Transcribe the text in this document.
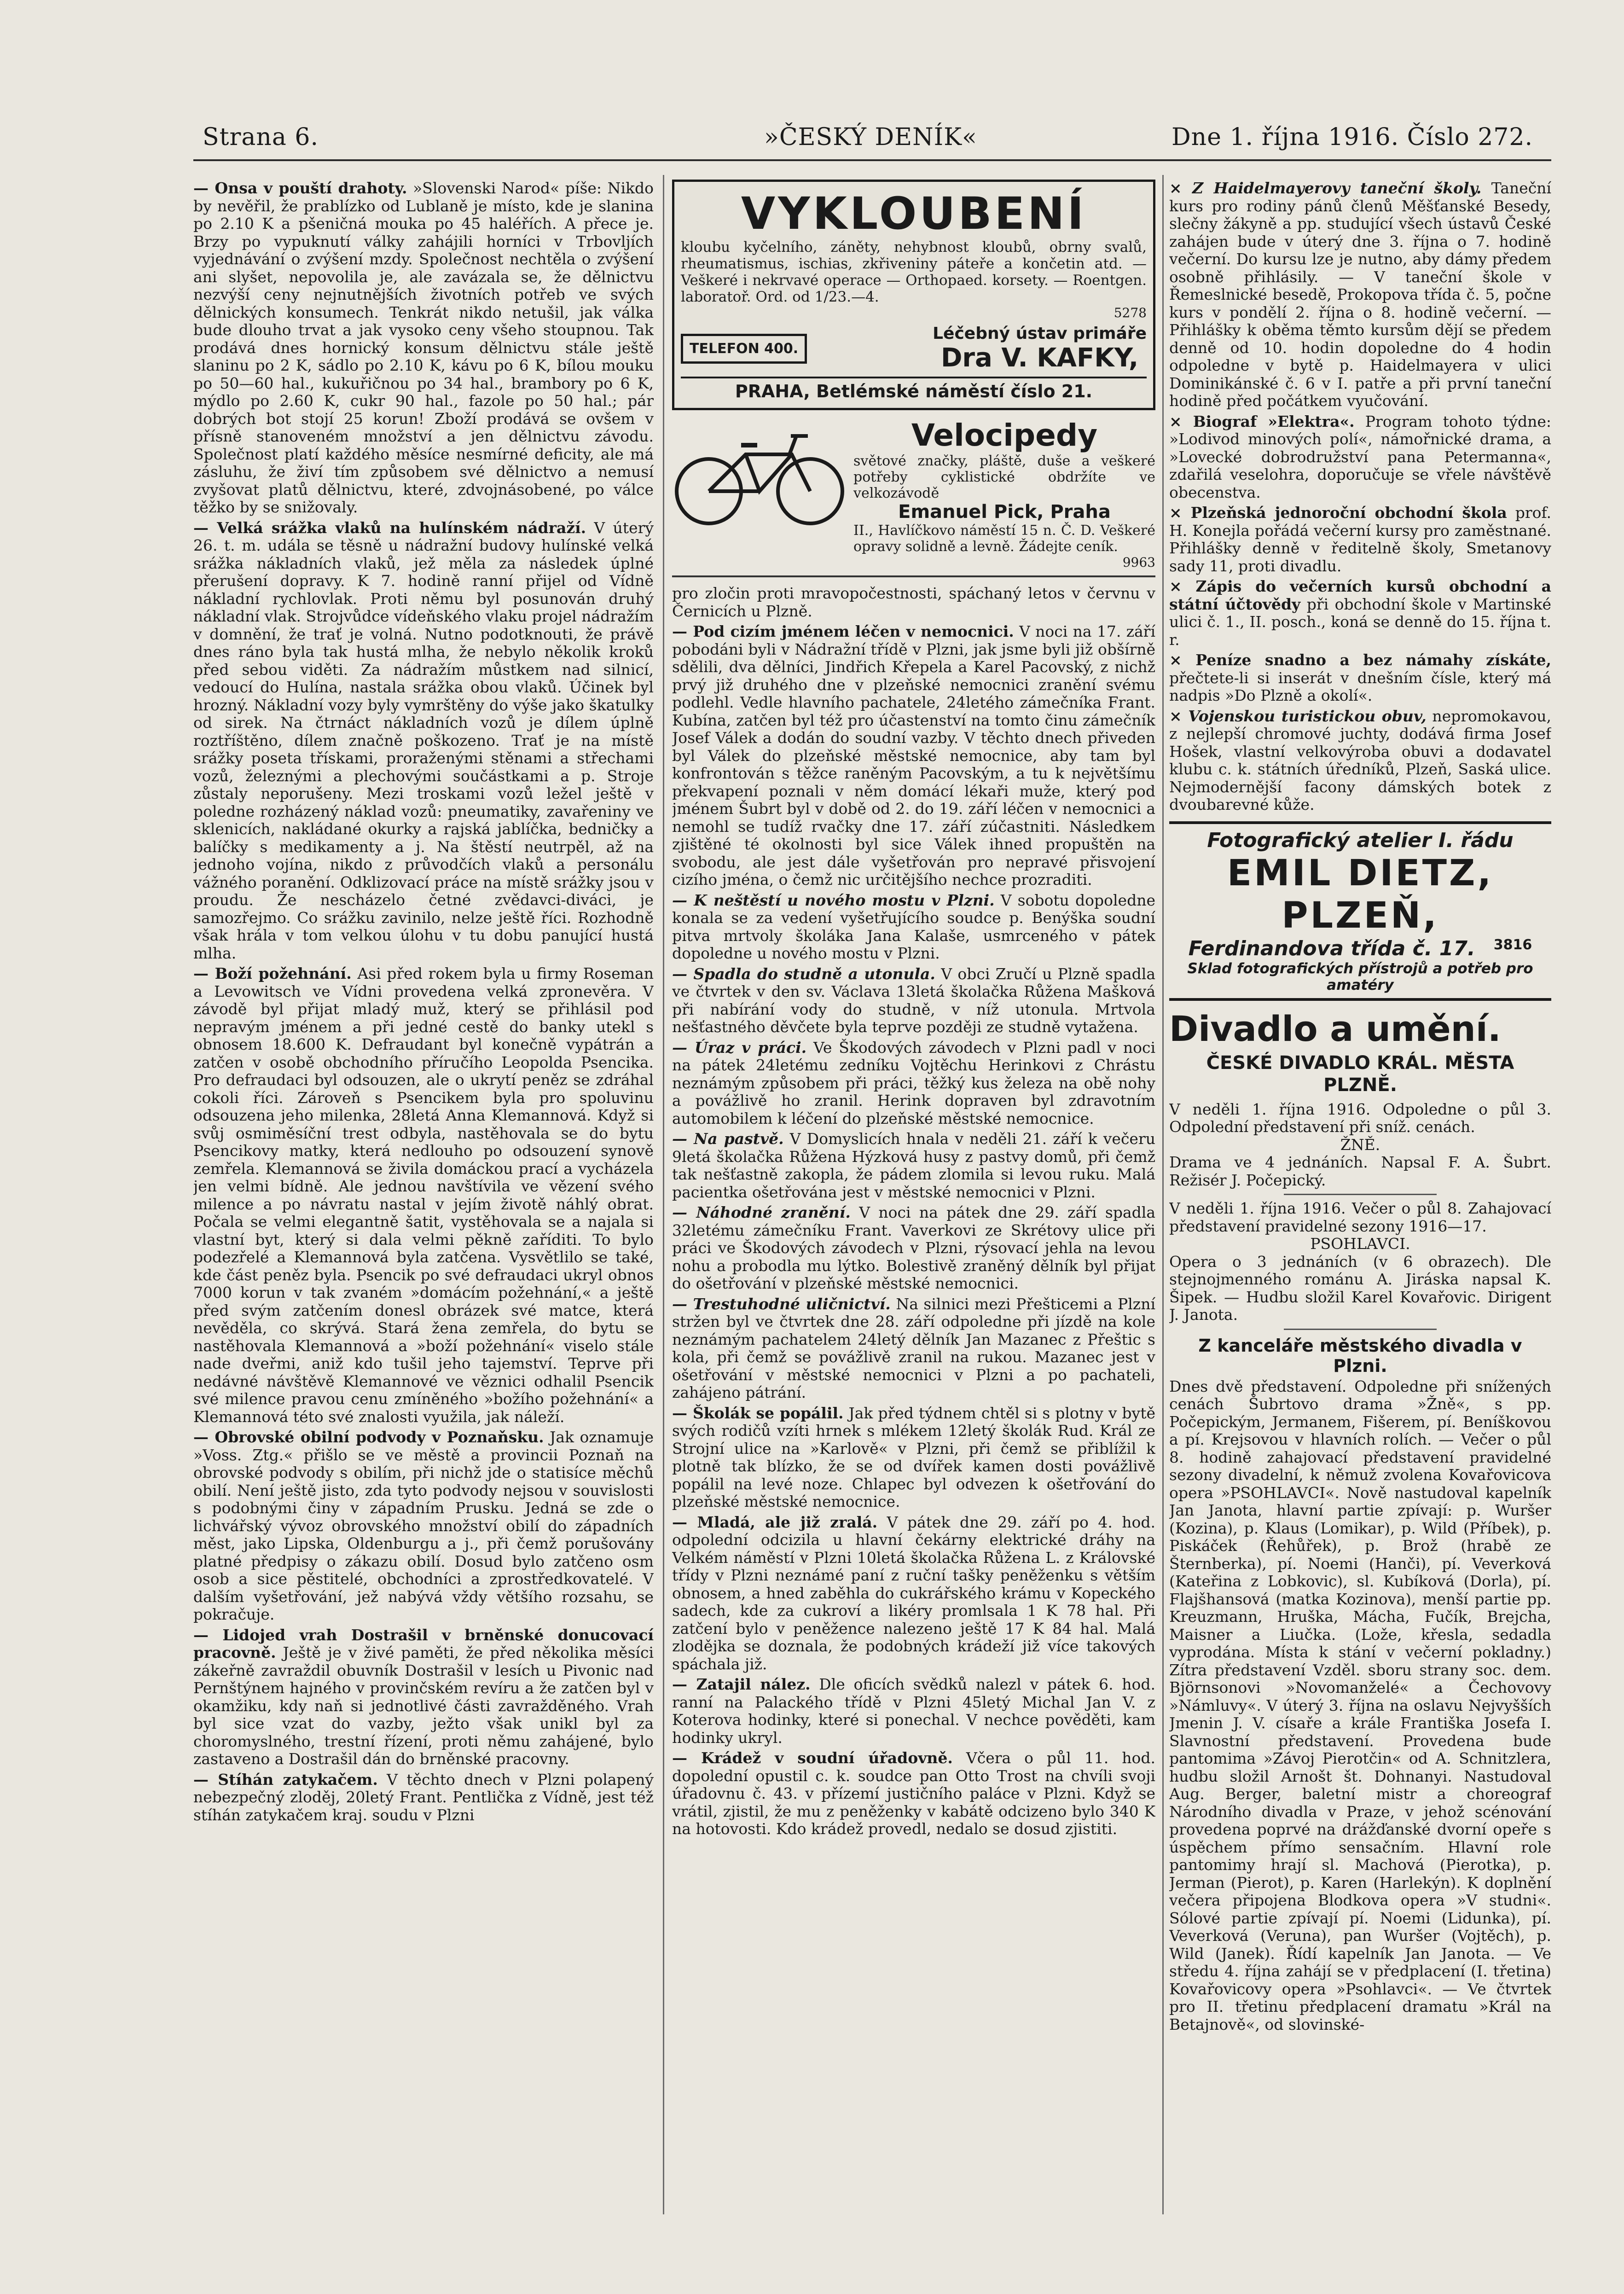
Strana 6.	»ČESKÝ DENÍK«	Dne 1. října 1916. Číslo 272.

— Onsa v pouští drahoty. »Slovenski Narod« píše: Nikdo by nevěřil, že prablízko od Lublaně je místo, kde je slanina po 2.10 K a pšeničná mouka po 45 haléřích. A přece je. Brzy po vypuknutí války zahájili horníci v Trbovljích vyjednávání o zvýšení mzdy. Společnost nechtěla o zvýšení ani slyšet, nepovolila je, ale zavázala se, že dělnictvu nezvýší ceny nejnutnějších životních potřeb ve svých dělnických konsumech. Tenkrát nikdo netušil, jak válka bude dlouho trvat a jak vysoko ceny všeho stoupnou. Tak prodává dnes hornický konsum dělnictvu stále ještě slaninu po 2 K, sádlo po 2.10 K, kávu po 6 K, bílou mouku po 50—60 hal., kukuřičnou po 34 hal., brambory po 6 K, mýdlo po 2.60 K, cukr 90 hal., fazole po 50 hal.; pár dobrých bot stojí 25 korun! Zboží prodává se ovšem v přísně stanoveném množství a jen dělnictvu závodu. Společnost platí každého měsíce nesmírné deficity, ale má zásluhu, že živí tím způsobem své dělnictvo a nemusí zvyšovat platů dělnictvu, které, zdvojnásobené, po válce těžko by se snižovaly.

— Velká srážka vlaků na hulínském nádraží. V úterý 26. t. m. udála se těsně u nádražní budovy hulínské velká srážka nákladních vlaků, jež měla za následek úplné přerušení dopravy. K 7. hodině ranní přijel od Vídně nákladní rychlovlak. Proti němu byl posunován druhý nákladní vlak. Strojvůdce vídeňského vlaku projel nádražím v domnění, že trať je volná. Nutno podotknouti, že právě dnes ráno byla tak hustá mlha, že nebylo několik kroků před sebou viděti. Za nádražím můstkem nad silnicí, vedoucí do Hulína, nastala srážka obou vlaků. Účinek byl hrozný. Nákladní vozy byly vymrštěny do výše jako škatulky od sirek. Na čtrnáct nákladních vozů je dílem úplně roztříštěno, dílem značně poškozeno. Trať je na místě srážky poseta třískami, proraženými stěnami a střechami vozů, železnými a plechovými součástkami a p. Stroje zůstaly neporušeny. Mezi troskami vozů ležel ještě v poledne rozházený náklad vozů: pneumatiky, zavařeniny ve sklenicích, nakládané okurky a rajská jablíčka, bedničky a balíčky s medikamenty a j. Na štěstí neutrpěl, až na jednoho vojína, nikdo z průvodčích vlaků a personálu vážného poranění. Odklizovací práce na místě srážky jsou v proudu. Že nescházelo četné zvědavci-diváci, je samozřejmo. Co srážku zavinilo, nelze ještě říci. Rozhodně však hrála v tom velkou úlohu v tu dobu panující hustá mlha.

— Boží požehnání. Asi před rokem byla u firmy Roseman a Levowitsch ve Vídni provedena velká zpronevěra. V závodě byl přijat mladý muž, který se přihlásil pod nepravým jménem a při jedné cestě do banky utekl s obnosem 18.600 K. Defraudant byl konečně vypátrán a zatčen v osobě obchodního příručího Leopolda Psencika. Pro defraudaci byl odsouzen, ale o ukrytí peněz se zdráhal cokoli říci. Zároveň s Psencikem byla pro spoluvinu odsouzena jeho milenka, 28letá Anna Klemannová. Když si svůj osmiměsíční trest odbyla, nastěhovala se do bytu Psencikovy matky, která nedlouho po odsouzení synově zemřela. Klemannová se živila domáckou prací a vycházela jen velmi bídně. Ale jednou navštívila ve vězení svého milence a po návratu nastal v jejím životě náhlý obrat. Počala se velmi elegantně šatit, vystěhovala se a najala si vlastní byt, který si dala velmi pěkně zaříditi. To bylo podezřelé a Klemannová byla zatčena. Vysvětlilo se také, kde část peněz byla. Psencik po své defraudaci ukryl obnos 7000 korun v tak zvaném »domácím požehnání,« a ještě před svým zatčením donesl obrázek své matce, která nevěděla, co skrývá. Stará žena zemřela, do bytu se nastěhovala Klemannová a »boží požehnání« viselo stále nade dveřmi, aniž kdo tušil jeho tajemství. Teprve při nedávné návštěvě Klemannové ve věznici odhalil Psencik své milence pravou cenu zmíněného »božího požehnání« a Klemannová této své znalosti využila, jak náleží.

— Obrovské obilní podvody v Poznaňsku. Jak oznamuje »Voss. Ztg.« přišlo se ve městě a provincii Poznaň na obrovské podvody s obilím, při nichž jde o statisíce měchů obilí. Není ještě jisto, zda tyto podvody nejsou v souvislosti s podobnými činy v západním Prusku. Jedná se zde o lichvářský vývoz obrovského množství obilí do západních měst, jako Lipska, Oldenburgu a j., při čemž porušovány platné předpisy o zákazu obilí. Dosud bylo zatčeno osm osob a sice pěstitelé, obchodníci a zprostředkovatelé. V dalším vyšetřování, jež nabývá vždy většího rozsahu, se pokračuje.

— Lidojed vrah Dostrašil v brněnské donucovací pracovně. Ještě je v živé paměti, že před několika měsíci zákeřně zavraždil obuvník Dostrašil v lesích u Pivonic nad Pernštýnem hajného v provinčském revíru a že zatčen byl v okamžiku, kdy naň si jednotlivé části zavražděného. Vrah byl sice vzat do vazby, ježto však unikl byl za choromyslného, trestní řízení, proti němu zahájené, bylo zastaveno a Dostrašil dán do brněnské pracovny.

— Stíhán zatykačem. V těchto dnech v Plzni polapený nebezpečný zloděj, 20letý Frant. Pentlička z Vídně, jest též stíhán zatykačem kraj. soudu v Plzni

VYKLOUBENÍ
kloubu kyčelního, záněty, nehybnost kloubů, obrny svalů, rheumatismus, ischias, zkřiveniny páteře a končetin atd. — Veškeré i nekrvavé operace — Orthopaed. korsety. — Roentgen. laboratoř. Ord. od 1/23.—4.
5278
TELEFON 400.
Léčebný ústav primáře
Dra V. KAFKY,
PRAHA, Betlémské náměstí číslo 21.
Velocipedy
světové značky, pláště, duše a veškeré potřeby cyklistické obdržíte ve velkozávodě
Emanuel Pick, Praha
II., Havlíčkovo náměstí 15 n. Č. D. Veškeré opravy solidně a levně. Žádejte ceník.
9963

pro zločin proti mravopočestnosti, spáchaný letos v červnu v Černicích u Plzně.

— Pod cizím jménem léčen v nemocnici. V noci na 17. září pobodáni byli v Nádražní třídě v Plzni, jak jsme byli již obšírně sdělili, dva dělníci, Jindřich Křepela a Karel Pacovský, z nichž prvý již druhého dne v plzeňské nemocnici zranění svému podlehl. Vedle hlavního pachatele, 24letého zámečníka Frant. Kubína, zatčen byl též pro účastenství na tomto činu zámečník Josef Válek a dodán do soudní vazby. V těchto dnech přiveden byl Válek do plzeňské městské nemocnice, aby tam byl konfrontován s těžce raněným Pacovským, a tu k největšímu překvapení poznali v něm domácí lékaři muže, který pod jménem Šubrt byl v době od 2. do 19. září léčen v nemocnici a nemohl se tudíž rvačky dne 17. září zúčastniti. Následkem zjištěné té okolnosti byl sice Válek ihned propuštěn na svobodu, ale jest dále vyšetřován pro nepravé přisvojení cizího jména, o čemž nic určitějšího nechce prozraditi.

— K neštěstí u nového mostu v Plzni. V sobotu dopoledne konala se za vedení vyšetřujícího soudce p. Benýška soudní pitva mrtvoly školáka Jana Kalaše, usmrceného v pátek dopoledne u nového mostu v Plzni.

— Spadla do studně a utonula. V obci Zručí u Plzně spadla ve čtvrtek v den sv. Václava 13letá školačka Růžena Mašková při nabírání vody do studně, v níž utonula. Mrtvola nešťastného děvčete byla teprve později ze studně vytažena.

— Úraz v práci. Ve Škodových závodech v Plzni padl v noci na pátek 24letému zedníku Vojtěchu Herinkovi z Chrástu neznámým způsobem při práci, těžký kus železa na obě nohy a povážlivě ho zranil. Herink dopraven byl zdravotním automobilem k léčení do plzeňské městské nemocnice.

— Na pastvě. V Domyslicích hnala v neděli 21. září k večeru 9letá školačka Růžena Hýzková husy z pastvy domů, při čemž tak nešťastně zakopla, že pádem zlomila si levou ruku. Malá pacientka ošetřována jest v městské nemocnici v Plzni.

— Náhodné zranění. V noci na pátek dne 29. září spadla 32letému zámečníku Frant. Vaverkovi ze Skrétovy ulice při práci ve Škodových závodech v Plzni, rýsovací jehla na levou nohu a probodla mu lýtko. Bolestivě zraněný dělník byl přijat do ošetřování v plzeňské městské nemocnici.

— Trestuhodné uličnictví. Na silnici mezi Přešticemi a Plzní stržen byl ve čtvrtek dne 28. září odpoledne při jízdě na kole neznámým pachatelem 24letý dělník Jan Mazanec z Přeštic s kola, při čemž se povážlivě zranil na rukou. Mazanec jest v ošetřování v městské nemocnici v Plzni a po pachateli, zahájeno pátrání.

— Školák se popálil. Jak před týdnem chtěl si s plotny v bytě svých rodičů vzíti hrnek s mlékem 12letý školák Rud. Král ze Strojní ulice na »Karlově« v Plzni, při čemž se přiblížil k plotně tak blízko, že se od dvířek kamen dosti povážlivě popálil na levé noze. Chlapec byl odvezen k ošetřování do plzeňské městské nemocnice.

— Mladá, ale již zralá. V pátek dne 29. září po 4. hod. odpolední odcizila u hlavní čekárny elektrické dráhy na Velkém náměstí v Plzni 10letá školačka Růžena L. z Královské třídy v Plzni neznámé paní z ruční tašky peněženku s větším obnosem, a hned zaběhla do cukrářského krámu v Kopeckého sadech, kde za cukroví a likéry promlsala 1 K 78 hal. Při zatčení bylo v peněžence nalezeno ještě 17 K 84 hal. Malá zlodějka se doznala, že podobných krádeží již více takových spáchala již.

— Zatajil nález. Dle oficích svědků nalezl v pátek 6. hod. ranní na Palackého třídě v Plzni 45letý Michal Jan V. z Koterova hodinky, které si ponechal. V nechce pověděti, kam hodinky ukryl.

— Krádež v soudní úřadovně. Včera o půl 11. hod. dopolední opustil c. k. soudce pan Otto Trost na chvíli svoji úřadovnu č. 43. v přízemí justičního paláce v Plzni. Když se vrátil, zjistil, že mu z peněženky v kabátě odcizeno bylo 340 K na hotovosti. Kdo krádež provedl, nedalo se dosud zjistiti.

× Z Haidelmayerovy taneční školy. Taneční kurs pro rodiny pánů členů Měšťanské Besedy, slečny žákyně a pp. studující všech ústavů České zahájen bude v úterý dne 3. října o 7. hodině večerní. Do kursu lze je nutno, aby dámy předem osobně přihlásily. — V taneční škole v Řemeslnické besedě, Prokopova třída č. 5, počne kurs v pondělí 2. října o 8. hodině večerní. — Přihlášky k oběma těmto kursům dějí se předem denně od 10. hodin dopoledne do 4 hodin odpoledne v bytě p. Haidelmayera v ulici Dominikánské č. 6 v I. patře a při první taneční hodině před počátkem vyučování.

× Biograf »Elektra«. Program tohoto týdne: »Lodivod minových polí«, námořnické drama, a »Lovecké dobrodružství pana Petermanna«, zdařilá veselohra, doporučuje se vřele návštěvě obecenstva.

× Plzeňská jednoroční obchodní škola prof. H. Konejla pořádá večerní kursy pro zaměstnané. Přihlášky denně v ředitelně školy, Smetanovy sady 11, proti divadlu.

× Zápis do večerních kursů obchodní a státní účtovědy při obchodní škole v Martinské ulici č. 1., II. posch., koná se denně do 15. října t. r.

× Peníze snadno a bez námahy získáte, přečtete-li si inserát v dnešním čísle, který má nadpis »Do Plzně a okolí«.

× Vojenskou turistickou obuv, nepromokavou, z nejlepší chromové juchty, dodává firma Josef Hošek, vlastní velkovýroba obuvi a dodavatel klubu c. k. státních úředníků, Plzeň, Saská ulice. Nejmodernější facony dámských botek z dvoubarevné kůže.

Fotografický atelier I. řádu
EMIL DIETZ, PLZEŇ,
Ferdinandova třída č. 17. 3816
Sklad fotografických přístrojů a potřeb pro amatéry
Divadlo a umění.
ČESKÉ DIVADLO KRÁL. MĚSTA PLZNĚ.
V neděli 1. října 1916. Odpoledne o půl 3. Odpolední představení při sníž. cenách.
ŽNĚ.
Drama ve 4 jednáních. Napsal F. A. Šubrt. Režisér J. Počepický.
V neděli 1. října 1916. Večer o půl 8. Zahajovací představení pravidelné sezony 1916—17.
PSOHLAVCI.
Opera o 3 jednáních (v 6 obrazech). Dle stejnojmenného románu A. Jiráska napsal K. Šipek. — Hudbu složil Karel Kovařovic. Dirigent J. Janota.
Z kanceláře městského divadla v Plzni.

Dnes dvě představení. Odpoledne při snížených cenách Šubrtovo drama »Žně«, s pp. Počepickým, Jermanem, Fišerem, pí. Beníškovou a pí. Krejsovou v hlavních rolích. — Večer o půl 8. hodině zahajovací představení pravidelné sezony divadelní, k němuž zvolena Kovařovicova opera »PSOHLAVCI«. Nově nastudoval kapelník Jan Janota, hlavní partie zpívají: p. Wuršer (Kozina), p. Klaus (Lomikar), p. Wild (Příbek), p. Piskáček (Řehůřek), p. Brož (hrabě ze Šternberka), pí. Noemi (Hanči), pí. Veverková (Kateřina z Lobkovic), sl. Kubíková (Dorla), pí. Flajšhansová (matka Kozinova), menší partie pp. Kreuzmann, Hruška, Mácha, Fučík, Brejcha, Maisner a Liučka. (Lože, křesla, sedadla vyprodána. Místa k stání v večerní pokladny.) Zítra představení Vzděl. sboru strany soc. dem. Björnsonovi »Novomanželé« a Čechovovy »Námluvy«. V úterý 3. října na oslavu Nejvyšších Jmenin J. V. císaře a krále Františka Josefa I. Slavnostní představení. Provedena bude pantomima »Závoj Pierotčin« od A. Schnitzlera, hudbu složil Arnošt št. Dohnanyi. Nastudoval Aug. Berger, baletní mistr a choreograf Národního divadla v Praze, v jehož scénování provedena poprvé na drážďanské dvorní opeře s úspěchem přímo sensačním. Hlavní role pantomimy hrají sl. Machová (Pierotka), p. Jerman (Pierot), p. Karen (Harlekýn). K doplnění večera připojena Blodkova opera »V studni«. Sólové partie zpívají pí. Noemi (Lidunka), pí. Veverková (Veruna), pan Wuršer (Vojtěch), p. Wild (Janek). Řídí kapelník Jan Janota. — Ve středu 4. října zahájí se v předplacení (I. třetina) Kovařovicovy opera »Psohlavci«. — Ve čtvrtek pro II. třetinu předplacení dramatu »Král na Betajnově«, od slovinské-
